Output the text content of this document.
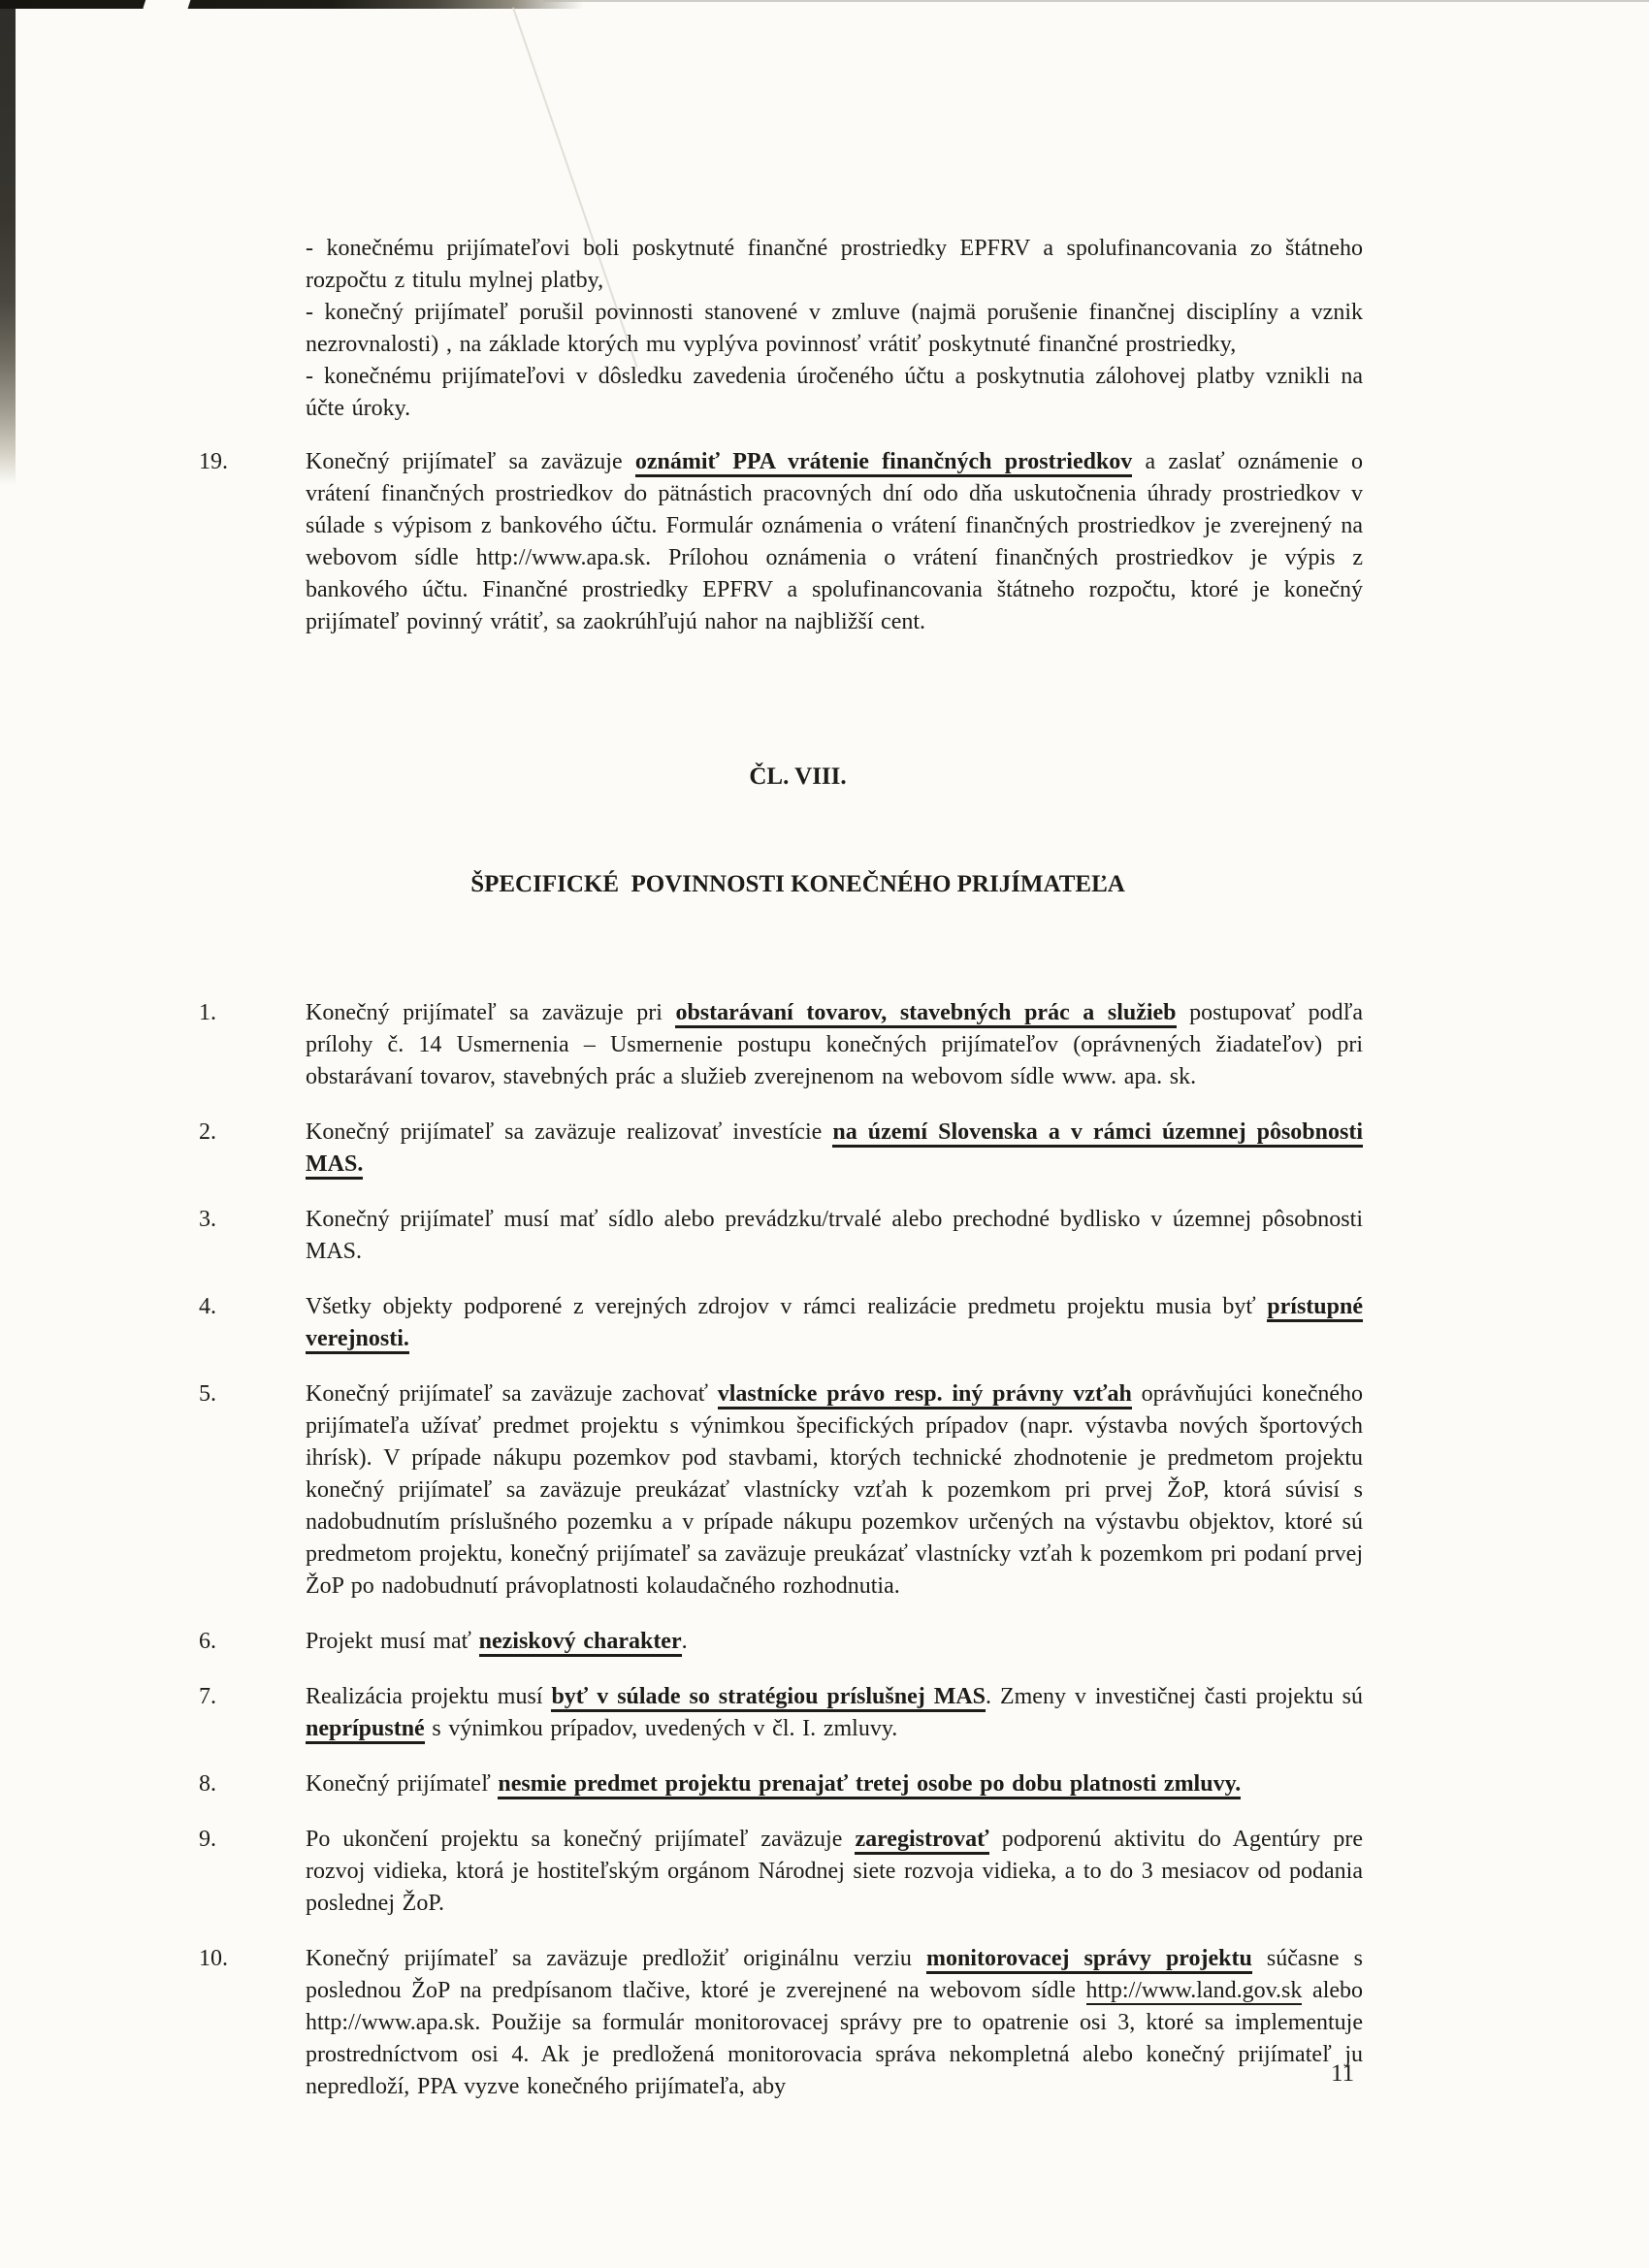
- konečnému prijímateľovi boli poskytnuté finančné prostriedky EPFRV a spolufinancovania zo štátneho rozpočtu z titulu mylnej platby,

- konečný prijímateľ porušil povinnosti stanovené v zmluve (najmä porušenie finančnej disciplíny a vznik nezrovnalosti) , na základe ktorých mu vyplýva povinnosť vrátiť poskytnuté finančné prostriedky,

- konečnému prijímateľovi v dôsledku zavedenia úročeného účtu a poskytnutia zálohovej platby vznikli na účte úroky.

19.	Konečný prijímateľ sa zaväzuje oznámiť PPA vrátenie finančných prostriedkov a zaslať oznámenie o vrátení finančných prostriedkov do pätnástich pracovných dní odo dňa uskutočnenia úhrady prostriedkov v súlade s výpisom z bankového účtu. Formulár oznámenia o vrátení finančných prostriedkov je zverejnený na webovom sídle http://www.apa.sk. Prílohou oznámenia o vrátení finančných prostriedkov je výpis z bankového účtu. Finančné prostriedky EPFRV a spolufinancovania štátneho rozpočtu, ktoré je konečný prijímateľ povinný vrátiť, sa zaokrúhľujú nahor na najbližší cent.

ČL. VIII.

ŠPECIFICKÉ  POVINNOSTI KONEČNÉHO PRIJÍMATEĽA

1.	Konečný prijímateľ sa zaväzuje pri obstarávaní tovarov, stavebných prác a služieb postupovať podľa prílohy č. 14 Usmernenia – Usmernenie postupu konečných prijímateľov (oprávnených žiadateľov) pri obstarávaní tovarov, stavebných prác a služieb zverejnenom na webovom sídle www. apa. sk.
2.	Konečný prijímateľ sa zaväzuje realizovať investície na území Slovenska a v rámci územnej pôsobnosti MAS.
3.	Konečný prijímateľ musí mať sídlo alebo prevádzku/trvalé alebo prechodné bydlisko v územnej pôsobnosti MAS.
4.	Všetky objekty podporené z verejných zdrojov v rámci realizácie predmetu projektu musia byť prístupné verejnosti.
5.	Konečný prijímateľ sa zaväzuje zachovať vlastnícke právo resp. iný právny vzťah oprávňujúci konečného prijímateľa užívať predmet projektu s výnimkou špecifických prípadov (napr. výstavba nových športových ihrísk). V prípade nákupu pozemkov pod stavbami, ktorých technické zhodnotenie je predmetom projektu konečný prijímateľ sa zaväzuje preukázať vlastnícky vzťah k pozemkom pri prvej ŽoP, ktorá súvisí s nadobudnutím príslušného pozemku a v prípade nákupu pozemkov určených na výstavbu objektov, ktoré sú predmetom projektu, konečný prijímateľ sa zaväzuje preukázať vlastnícky vzťah k pozemkom pri podaní prvej ŽoP po nadobudnutí právoplatnosti kolaudačného rozhodnutia.
6.	Projekt musí mať neziskový charakter.
7.	Realizácia projektu musí byť v súlade so stratégiou príslušnej MAS. Zmeny v investičnej časti projektu sú neprípustné s výnimkou prípadov, uvedených v čl. I. zmluvy.
8.	Konečný prijímateľ nesmie predmet projektu prenajať tretej osobe po dobu platnosti zmluvy.
9.	Po ukončení projektu sa konečný prijímateľ zaväzuje zaregistrovať podporenú aktivitu do Agentúry pre rozvoj vidieka, ktorá je hostiteľským orgánom Národnej siete rozvoja vidieka, a to do 3 mesiacov od podania poslednej ŽoP.
10.	Konečný prijímateľ sa zaväzuje predložiť originálnu verziu monitorovacej správy projektu súčasne s poslednou ŽoP na predpísanom tlačive, ktoré je zverejnené na webovom sídle http://www.land.gov.sk alebo http://www.apa.sk. Použije sa formulár monitorovacej správy pre to opatrenie osi 3, ktoré sa implementuje prostredníctvom osi 4. Ak je predložená monitorovacia správa nekompletná alebo konečný prijímateľ ju nepredloží, PPA vyzve konečného prijímateľa, aby	11
